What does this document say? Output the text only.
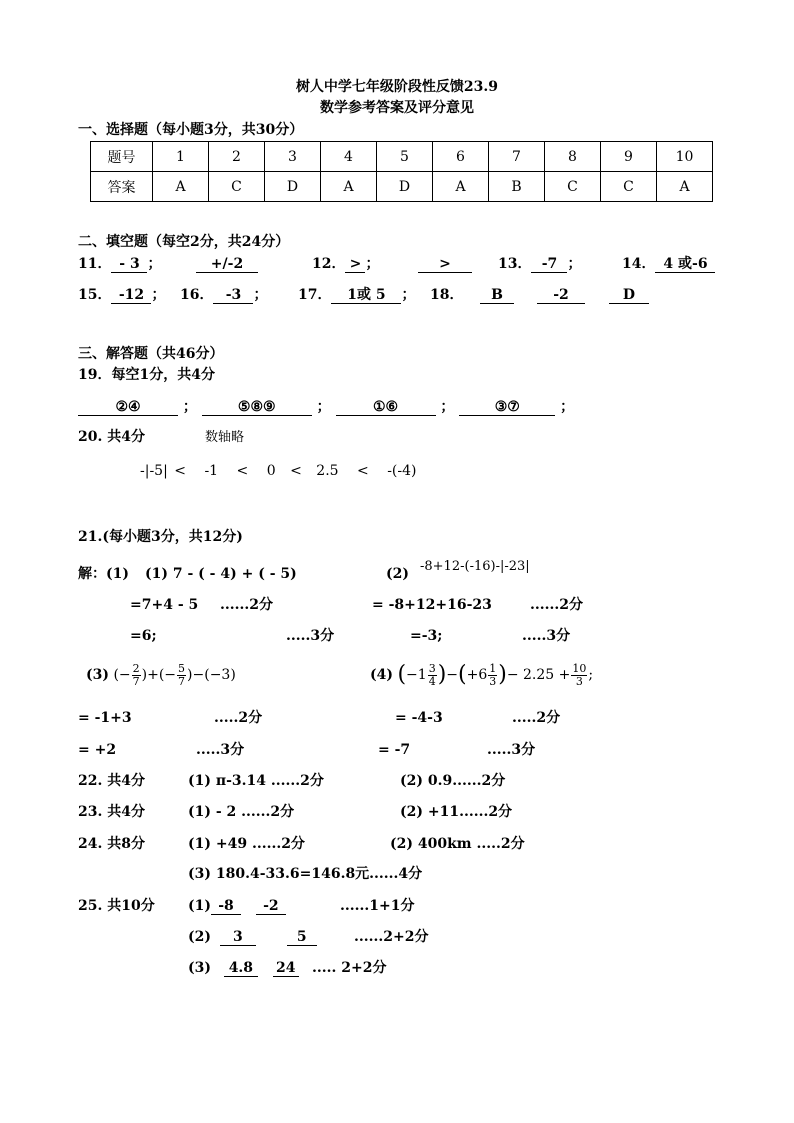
树人中学七年级阶段性反馈23.9
数学参考答案及评分意见
一、选择题（每小题3分，共30分）
题号	1	2	3	4	5	6	7	8	9	10
答案	A	C	D	A	D	A	B	C	C	A
二、填空题（每空2分，共24分）
11． - 3 ；	+/-2	12． > ；	>	13． -7 ；	14． 4 或-6
15． -12 ； 16． -3 ； 17． 1或 5 ； 18．	B	-2	D
三、解答题（共46分）
19．每空1分，共4分
②④	；	⑤⑧⑨	；	①⑥	；	③⑦	；
20. 共4分	数轴略
-|-5| < -1 < 0 < 2.5 < -(-4)
21.(每小题3分，共12分)
解：(1) (1) 7 - ( - 4) + ( - 5)	(2) -8+12-(-16)-|-23|
=7+4 - 5 ......2分	= -8+12+16-23	......2分
=6;	.....3分	=-3;	.....3分
(3) (− $\frac{2}{7}$ )+(− $\frac{5}{7} )-(-3)$	(4) $(-1 \frac{3}{4} )-(+6 \frac{1}{3}$ )− $2.25 + \frac{10}{3}$ ;
= -1+3	.....2分	= -4-3	.....2分
= +2	.....3分	= -7	.....3分
22. 共4分	(1) π-3.14 ......2分	(2) 0.9......2分
23. 共4分	(1) - 2 ......2分	(2) +11......2分
24. 共8分	(1) +49 ......2分	(2) 400km .....2分
(3) 180.4-33.6=146.8元......4分
25. 共10分 (1) -8 -2	......1+1分
(2) 3	5	......2+2分
(3) 4.8 24 ..... 2+2分
